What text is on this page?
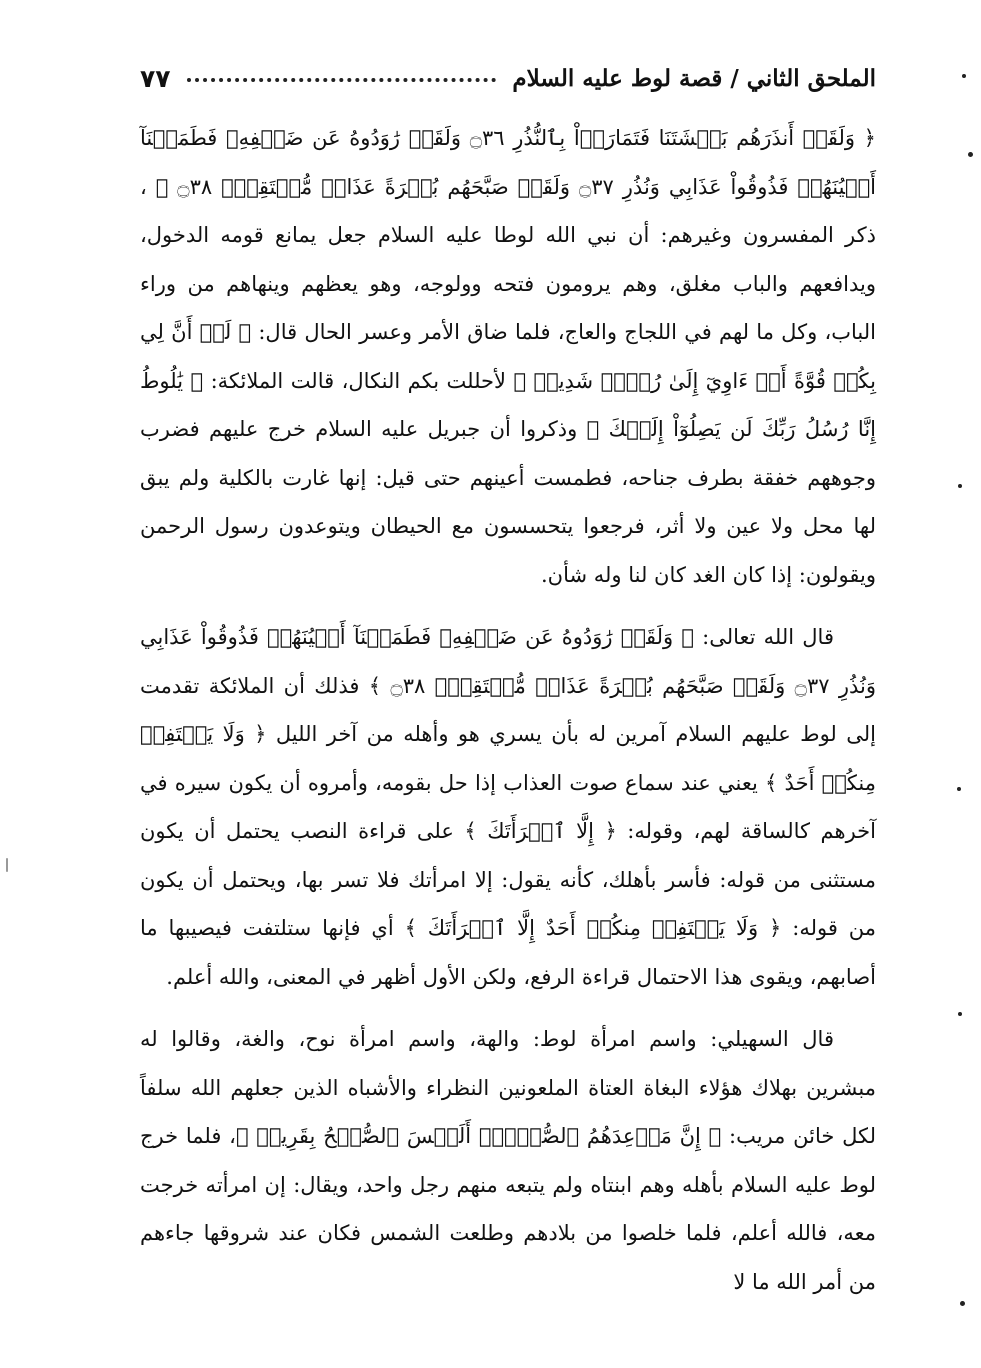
الملحق الثاني / قصة لوط عليه السلام
٧٧

﴿ وَلَقَدۡ أَنذَرَهُم بَطۡشَتَنَا فَتَمَارَوۡاْ بِٱلنُّذُرِ ۝٣٦ وَلَقَدۡ رَٰوَدُوهُ عَن ضَيۡفِهِۦ فَطَمَسۡنَآ أَعۡيُنَهُمۡ فَذُوقُواْ عَذَابِي وَنُذُرِ ۝٣٧ وَلَقَدۡ صَبَّحَهُم بُكۡرَةً عَذَابٞ مُّسۡتَقِرّٞ ۝٣٨ ﴾ ، ذكر المفسرون وغيرهم: أن نبي الله لوطا عليه السلام جعل يمانع قومه الدخول، ويدافعهم والباب مغلق، وهم يرومون فتحه وولوجه، وهو يعظهم وينهاهم من وراء الباب، وكل ما لهم في اللجاج والعاج، فلما ضاق الأمر وعسر الحال قال: ﴿ لَوۡ أَنَّ لِي بِكُمۡ قُوَّةً أَوۡ ءَاوِيٓ إِلَىٰ رُكۡنٖ شَدِيدٖ ﴾ لأحللت بكم النكال، قالت الملائكة: ﴿ يَٰلُوطُ إِنَّا رُسُلُ رَبِّكَ لَن يَصِلُوٓاْ إِلَيۡكَ ﴾ وذكروا أن جبريل عليه السلام خرج عليهم فضرب وجوههم خفقة بطرف جناحه، فطمست أعينهم حتى قيل: إنها غارت بالكلية ولم يبق لها محل ولا عين ولا أثر، فرجعوا يتحسسون مع الحيطان ويتوعدون رسول الرحمن ويقولون: إذا كان الغد كان لنا وله شأن.

قال الله تعالى: ﴿ وَلَقَدۡ رَٰوَدُوهُ عَن ضَيۡفِهِۦ فَطَمَسۡنَآ أَعۡيُنَهُمۡ فَذُوقُواْ عَذَابِي وَنُذُرِ ۝٣٧ وَلَقَدۡ صَبَّحَهُم بُكۡرَةً عَذَابٞ مُّسۡتَقِرّٞ ۝٣٨ ﴾ فذلك أن الملائكة تقدمت إلى لوط عليهم السلام آمرين له بأن يسري هو وأهله من آخر الليل ﴿ وَلَا يَلۡتَفِتۡ مِنكُمۡ أَحَدٌ ﴾ يعني عند سماع صوت العذاب إذا حل بقومه، وأمروه أن يكون سيره في آخرهم كالساقة لهم، وقوله: ﴿ إِلَّا ٱمۡرَأَتَكَ ﴾ على قراءة النصب يحتمل أن يكون مستثنى من قوله: فأسر بأهلك، كأنه يقول: إلا امرأتك فلا تسر بها، ويحتمل أن يكون من قوله: ﴿ وَلَا يَلۡتَفِتۡ مِنكُمۡ أَحَدٌ إِلَّا ٱمۡرَأَتَكَ ﴾ أي فإنها ستلتفت فيصيبها ما أصابهم، ويقوى هذا الاحتمال قراءة الرفع، ولكن الأول أظهر في المعنى، والله أعلم.

قال السهيلي: واسم امرأة لوط: والهة، واسم امرأة نوح، والغة، وقالوا له مبشرين بهلاك هؤلاء البغاة العتاة الملعونين النظراء والأشباه الذين جعلهم الله سلفاً لكل خائن مريب: ﴿ إِنَّ مَوۡعِدَهُمُ ٱلصُّبۡحُۚ أَلَيۡسَ ٱلصُّبۡحُ بِقَرِيبٖ ﴾، فلما خرج لوط عليه السلام بأهله وهم ابنتاه ولم يتبعه منهم رجل واحد، ويقال: إن امرأته خرجت معه، فالله أعلم، فلما خلصوا من بلادهم وطلعت الشمس فكان عند شروقها جاءهم من أمر الله ما لا
